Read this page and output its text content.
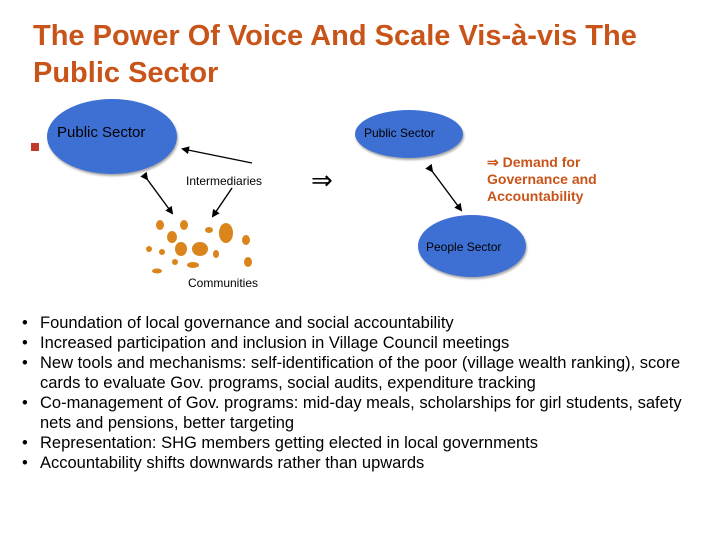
The Power Of Voice And Scale Vis-à-vis The Public Sector
Public Sector	Public Sector
People Sector
Intermediaries
Communities
⇒
⇒ Demand for
Governance and
Accountability
• Foundation of local governance and social accountability
• Increased participation and inclusion in Village Council meetings
• New tools and mechanisms: self-identification of the poor (village wealth ranking), score cards to evaluate Gov. programs, social audits, expenditure tracking
• Co-management of Gov. programs: mid-day meals, scholarships for girl students, safety nets and pensions, better targeting
• Representation: SHG members getting elected in local governments
• Accountability shifts downwards rather than upwards
